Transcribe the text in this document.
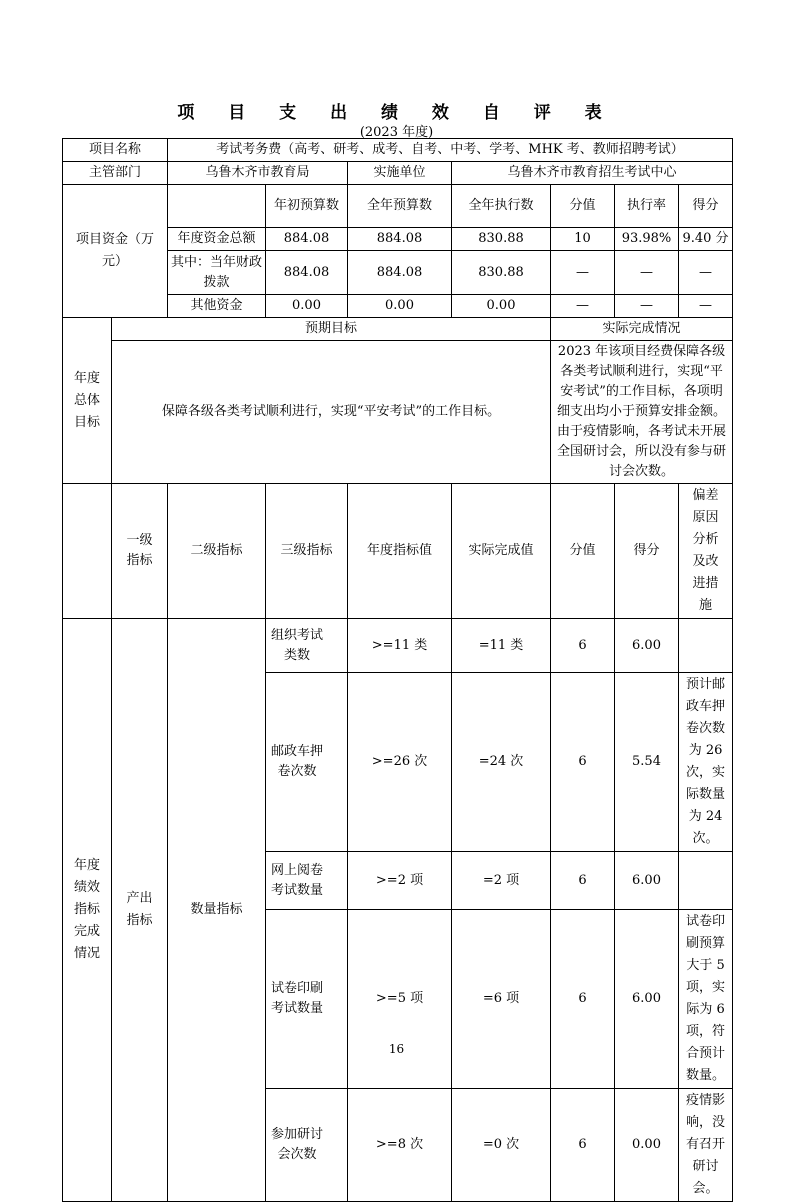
项 目 支 出 绩 效 自 评 表
(2023 年度)
项目名称		考试考务费（高考、研考、成考、自考、中考、学考、MHK 考、教师招聘考试）						
主管部门		乌鲁木齐市教育局		实施单位	乌鲁木齐市教育招生考试中心			

项目资金（万元）			年初预算数	全年预算数	全年执行数	分值	执行率	得分
		年度资金总额	884.08	884.08	830.88	10	93.98%	9.40 分
		其中：当年财政拨款	884.08	884.08	830.88	—	—	—
		其他资金	0.00	0.00	0.00	—	—	—

年度总体目标	预期目标					实际完成情况		
	保障各级各类考试顺利进行，实现“平安考试”的工作目标。					2023 年该项目经费保障各级各类考试顺利进行，实现“平安考试”的工作目标，各项明细支出均小于预算安排金额。由于疫情影响，各考试未开展全国研讨会，所以没有参与研讨会次数。		

	一级指标	二级指标	三级指标	年度指标值	实际完成值	分值	得分	偏差原因分析及改进措施

年度绩效指标完成情况	产出指标	数量指标	组织考试类数	>=11 类	=11 类	6	6.00	

			邮政车押卷次数	>=26 次	=24 次	6	5.54	预计邮政车押卷次数为 26 次，实际数量为 24 次。

			网上阅卷考试数量	>=2 项	=2 项	6	6.00	

			试卷印刷考试数量	>=5 项	=6 项	6	6.00	试卷印刷预算大于 5 项，实际为 6 项，符合预计数量。

			参加研讨会次数	>=8 次	=0 次	6	0.00	疫情影响，没有召开研讨会。
16
